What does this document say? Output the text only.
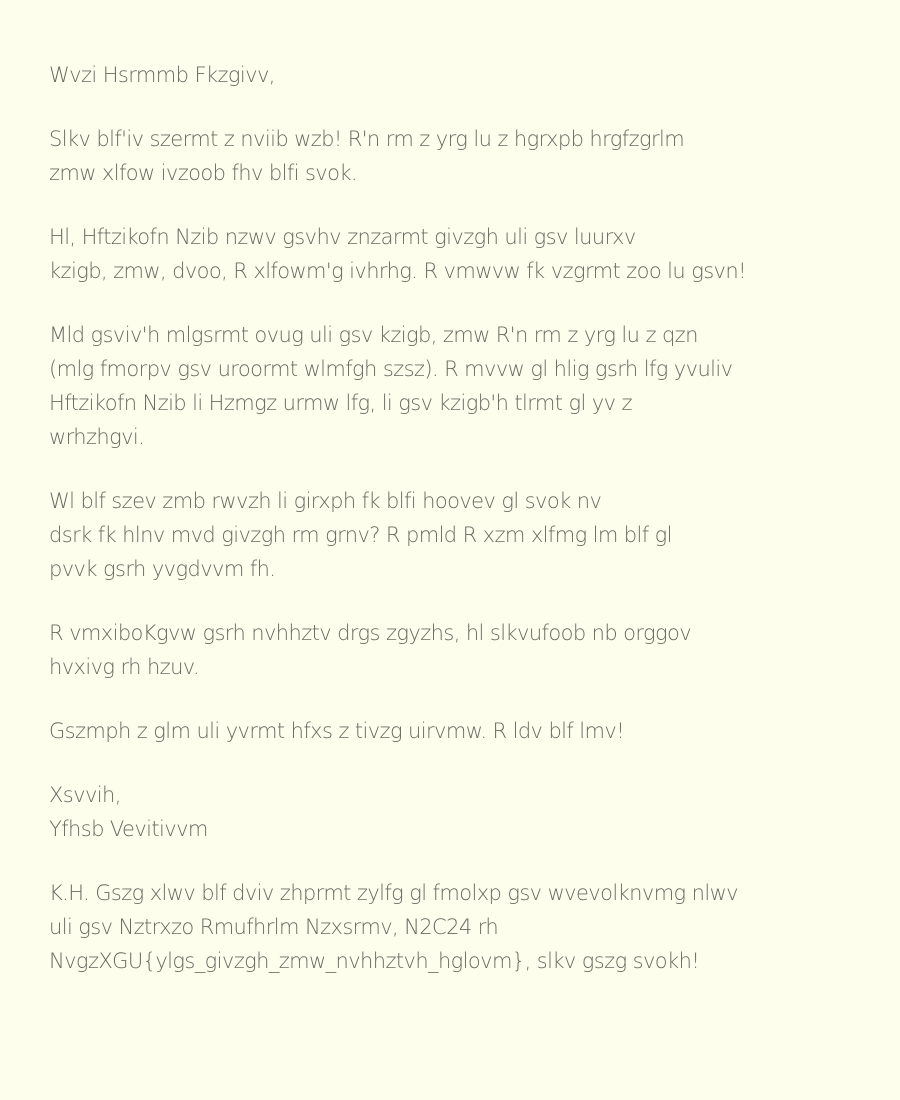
Wvzi Hsrmmb Fkzgivv,

Slkv blf'iv szermt z nviib wzb! R'n rm z yrg lu z hgrxpb hrgfzgrlm
zmw xlfow ivzoob fhv blfi svok.

Hl, Hftzikofn Nzib nzwv gsvhv znzarmt givzgh uli gsv luurxv
kzigb, zmw, dvoo, R xlfowm'g ivhrhg. R vmwvw fk vzgrmt zoo lu gsvn!

Mld gsviv'h mlgsrmt ovug uli gsv kzigb, zmw R'n rm z yrg lu z qzn
(mlg fmorpv gsv uroormt wlmfgh szsz). R mvvw gl hlig gsrh lfg yvuliv
Hftzikofn Nzib li Hzmgz urmw lfg, li gsv kzigb'h tlrmt gl yv z
wrhzhgvi.

Wl blf szev zmb rwvzh li girxph fk blfi hoovev gl svok nv
dsrk fk hlnv mvd givzgh rm grnv? R pmld R xzm xlfmg lm blf gl
pvvk gsrh yvgdvvm fh.

R vmxiboKgvw gsrh nvhhztv drgs zgyzhs, hl slkvufoob nb orggov
hvxivg rh hzuv.

Gszmph z glm uli yvrmt hfxs z tivzg uirvmw. R ldv blf lmv!

Xsvvih,
Yfhsb Vevitivvm

K.H. Gszg xlwv blf dviv zhprmt zylfg gl fmolxp gsv wvevolknvmg nlwv
uli gsv Nztrxzo Rmufhrlm Nzxsrmv, N2C24 rh
NvgzXGU{ylgs_givzgh_zmw_nvhhztvh_hglovm}, slkv gszg svokh!
